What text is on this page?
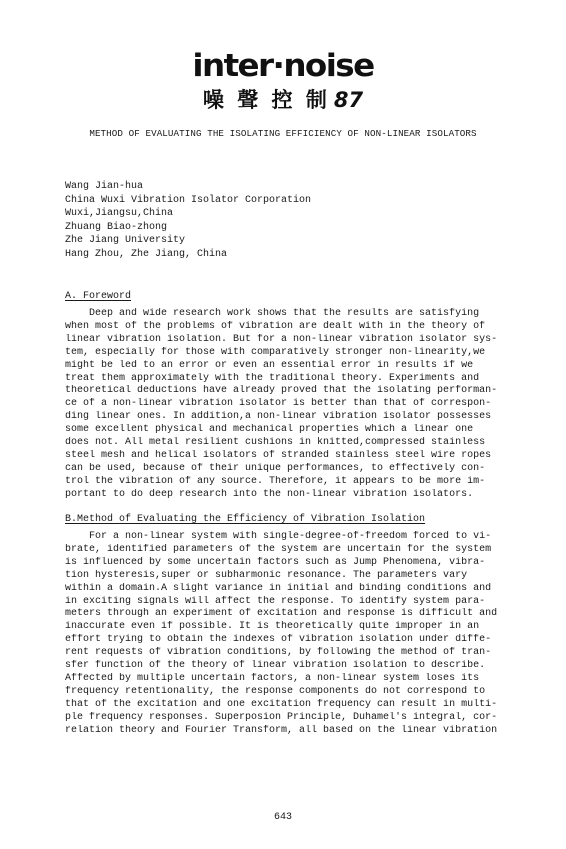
inter·noise
噪 聲 控 制 87
METHOD OF EVALUATING THE ISOLATING EFFICIENCY OF NON-LINEAR ISOLATORS
Wang Jian-hua
China Wuxi Vibration Isolator Corporation
Wuxi,Jiangsu,China
Zhuang Biao-zhong
Zhe Jiang University
Hang Zhou, Zhe Jiang, China
A. Foreword
Deep and wide research work shows that the results are satisfying
when most of the problems of vibration are dealt with in the theory of
linear vibration isolation. But for a non-linear vibration isolator sys-
tem, especially for those with comparatively stronger non-linearity,we
might be led to an error or even an essential error in results if we
treat them approximately with the traditional theory. Experiments and
theoretical deductions have already proved that the isolating performan-
ce of a non-linear vibration isolator is better than that of correspon-
ding linear ones. In addition,a non-linear vibration isolator possesses
some excellent physical and mechanical properties which a linear one
does not. All metal resilient cushions in knitted,compressed stainless
steel mesh and helical isolators of stranded stainless steel wire ropes
can be used, because of their unique performances, to effectively con-
trol the vibration of any source. Therefore, it appears to be more im-
portant to do deep research into the non-linear vibration isolators.
B.Method of Evaluating the Efficiency of Vibration Isolation
For a non-linear system with single-degree-of-freedom forced to vi-
brate, identified parameters of the system are uncertain for the system
is influenced by some uncertain factors such as Jump Phenomena, vibra-
tion hysteresis,super or subharmonic resonance. The parameters vary
within a domain.A slight variance in initial and binding conditions and
in exciting signals will affect the response. To identify system para-
meters through an experiment of excitation and response is difficult and
inaccurate even if possible. It is theoretically quite improper in an
effort trying to obtain the indexes of vibration isolation under diffe-
rent requests of vibration conditions, by following the method of tran-
sfer function of the theory of linear vibration isolation to describe.
Affected by multiple uncertain factors, a non-linear system loses its
frequency retentionality, the response components do not correspond to
that of the excitation and one excitation frequency can result in multi-
ple frequency responses. Superposion Principle, Duhamel's integral, cor-
relation theory and Fourier Transform, all based on the linear vibration
643
